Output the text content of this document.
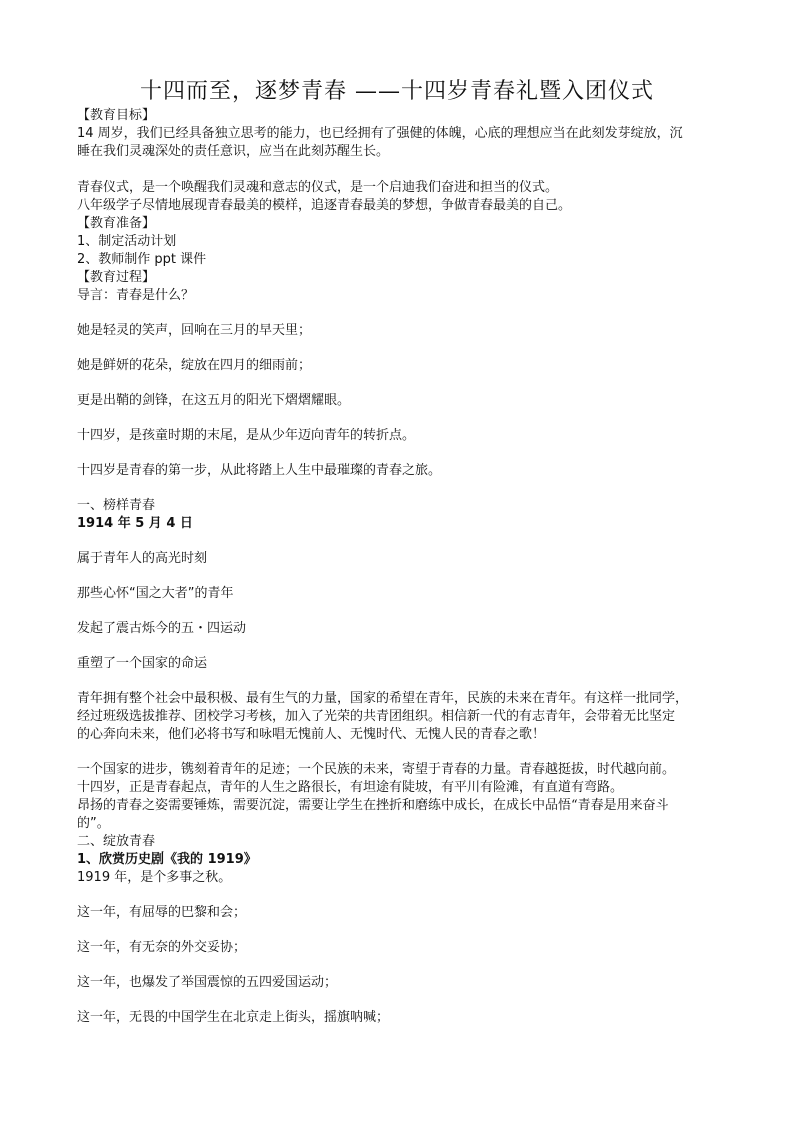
十四而至，逐梦青春 ——十四岁青春礼暨入团仪式

【教育目标】

14 周岁，我们已经具备独立思考的能力，也已经拥有了强健的体魄，心底的理想应当在此刻发芽绽放，沉

睡在我们灵魂深处的责任意识，应当在此刻苏醒生长。

青春仪式，是一个唤醒我们灵魂和意志的仪式，是一个启迪我们奋进和担当的仪式。

八年级学子尽情地展现青春最美的模样，追逐青春最美的梦想，争做青春最美的自己。

【教育准备】

1、制定活动计划

2、教师制作 ppt 课件

【教育过程】

导言：青春是什么？

她是轻灵的笑声，回响在三月的早天里；

她是鲜妍的花朵，绽放在四月的细雨前；

更是出鞘的剑锋，在这五月的阳光下熠熠耀眼。

十四岁，是孩童时期的末尾，是从少年迈向青年的转折点。

十四岁是青春的第一步，从此将踏上人生中最璀璨的青春之旅。

一、榜样青春

1914 年 5 月 4 日

属于青年人的高光时刻

那些心怀“国之大者”的青年

发起了震古烁今的五・四运动

重塑了一个国家的命运

青年拥有整个社会中最积极、最有生气的力量，国家的希望在青年，民族的未来在青年。有这样一批同学，

经过班级选拔推荐、团校学习考核，加入了光荣的共青团组织。相信新一代的有志青年，会带着无比坚定

的心奔向未来，他们必将书写和咏唱无愧前人、无愧时代、无愧人民的青春之歌！

一个国家的进步，镌刻着青年的足迹；一个民族的未来，寄望于青春的力量。青春越挺拔，时代越向前。

十四岁，正是青春起点，青年的人生之路很长，有坦途有陡坡，有平川有险滩，有直道有弯路。

昂扬的青春之姿需要锤炼，需要沉淀，需要让学生在挫折和磨练中成长，在成长中品悟“青春是用来奋斗

的”。

二、绽放青春

1、欣赏历史剧《我的 1919》

1919 年，是个多事之秋。

这一年，有屈辱的巴黎和会；

这一年，有无奈的外交妥协；

这一年，也爆发了举国震惊的五四爱国运动；

这一年，无畏的中国学生在北京走上街头，摇旗呐喊；
